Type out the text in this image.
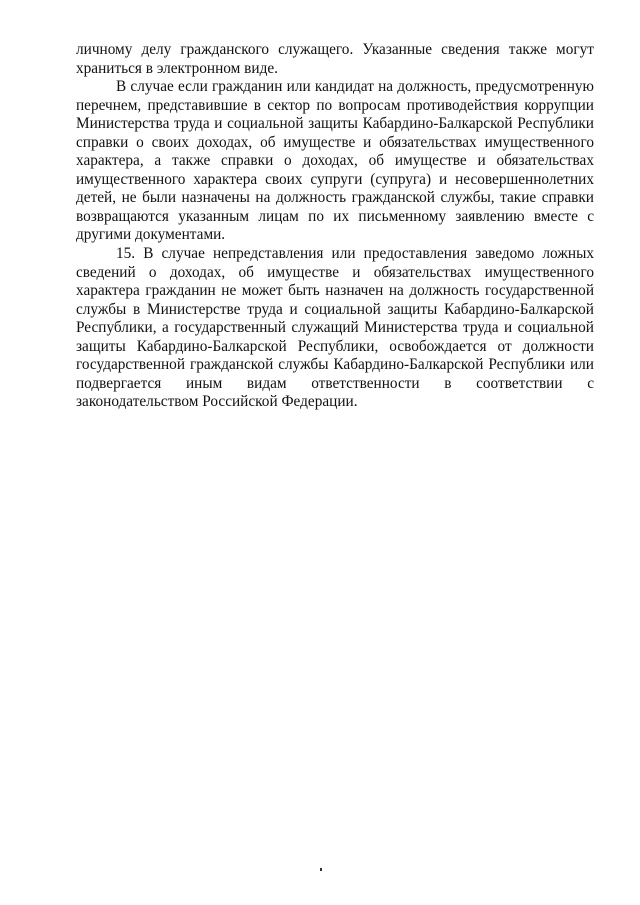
личному делу гражданского служащего. Указанные сведения также могут храниться в электронном виде.

В случае если гражданин или кандидат на должность, предусмотренную перечнем, представившие в сектор по вопросам противодействия коррупции Министерства труда и социальной защиты Кабардино-Балкарской Республики справки о своих доходах, об имуществе и обязательствах имущественного характера, а также справки о доходах, об имуществе и обязательствах имущественного характера своих супруги (супруга) и несовершеннолетних детей, не были назначены на должность гражданской службы, такие справки возвращаются указанным лицам по их письменному заявлению вместе с другими документами.

15. В случае непредставления или предоставления заведомо ложных сведений о доходах, об имуществе и обязательствах имущественного характера гражданин не может быть назначен на должность государственной службы в Министерстве труда и социальной защиты Кабардино-Балкарской Республики, а государственный служащий Министерства труда и социальной защиты Кабардино-Балкарской Республики, освобождается от должности государственной гражданской службы Кабардино-Балкарской Республики или подвергается иным видам ответственности в соответствии с законодательством Российской Федерации.
